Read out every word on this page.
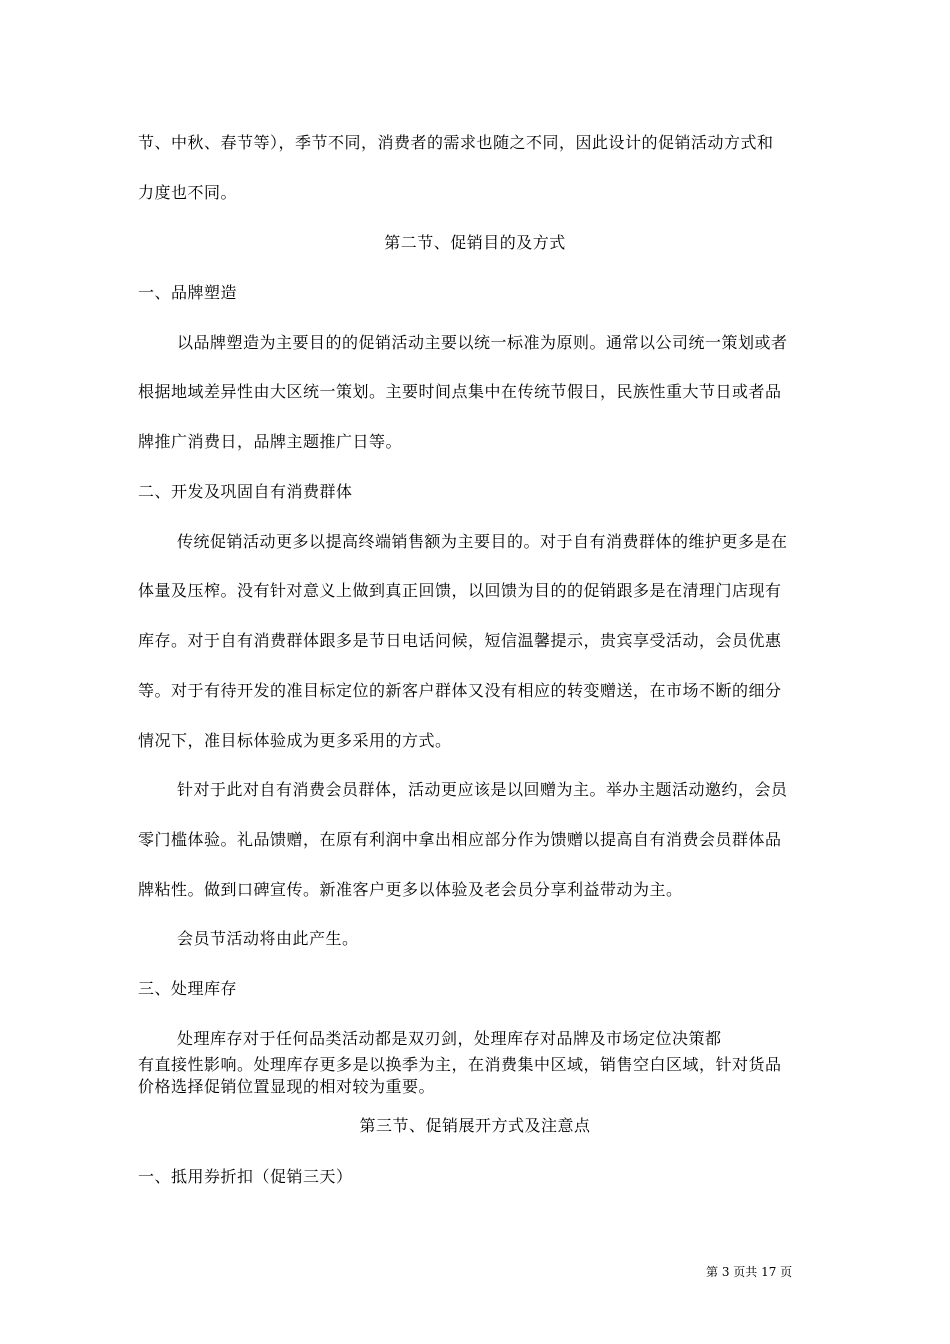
节、中秋、春节等），季节不同，消费者的需求也随之不同，因此设计的促销活动方式和
力度也不同。
第二节、促销目的及方式
一、品牌塑造
以品牌塑造为主要目的的促销活动主要以统一标准为原则。通常以公司统一策划或者
根据地域差异性由大区统一策划。主要时间点集中在传统节假日，民族性重大节日或者品
牌推广消费日，品牌主题推广日等。
二、开发及巩固自有消费群体
传统促销活动更多以提高终端销售额为主要目的。对于自有消费群体的维护更多是在
体量及压榨。没有针对意义上做到真正回馈，以回馈为目的的促销跟多是在清理门店现有
库存。对于自有消费群体跟多是节日电话问候，短信温馨提示，贵宾享受活动，会员优惠
等。对于有待开发的准目标定位的新客户群体又没有相应的转变赠送，在市场不断的细分
情况下，准目标体验成为更多采用的方式。
针对于此对自有消费会员群体，活动更应该是以回赠为主。举办主题活动邀约，会员
零门槛体验。礼品馈赠，在原有利润中拿出相应部分作为馈赠以提高自有消费会员群体品
牌粘性。做到口碑宣传。新准客户更多以体验及老会员分享利益带动为主。
会员节活动将由此产生。
三、处理库存
处理库存对于任何品类活动都是双刃剑，处理库存对品牌及市场定位决策都
有直接性影响。处理库存更多是以换季为主，在消费集中区域，销售空白区域，针对货品
价格选择促销位置显现的相对较为重要。
第三节、促销展开方式及注意点
一、抵用券折扣（促销三天）
第 3 页共 17 页
